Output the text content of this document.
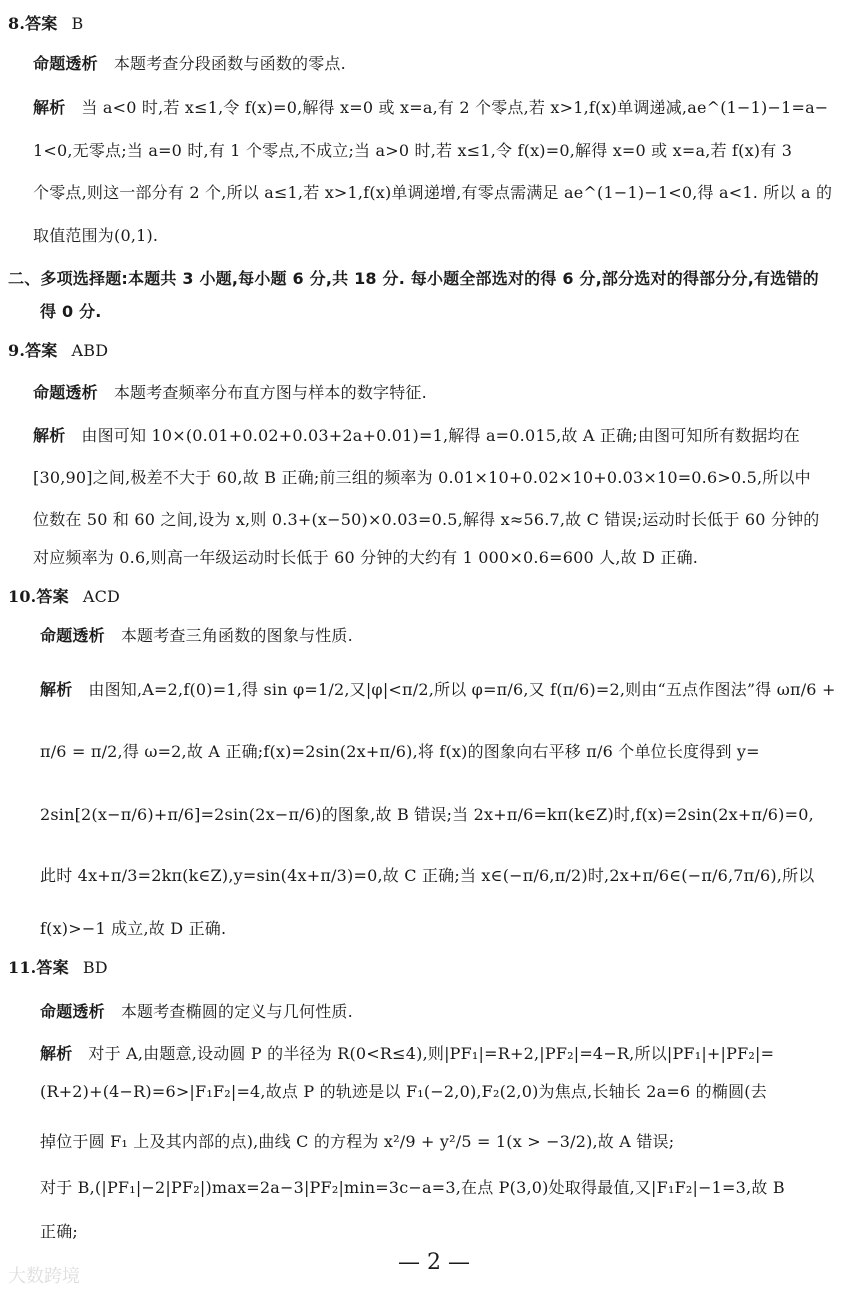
8.答案 B
命题透析 本题考查分段函数与函数的零点.
解析 当 a<0 时,若 x≤1,令 f(x)=0,解得 x=0 或 x=a,有 2 个零点,若 x>1,f(x)单调递减,ae^(1−1)−1=a−
1<0,无零点;当 a=0 时,有 1 个零点,不成立;当 a>0 时,若 x≤1,令 f(x)=0,解得 x=0 或 x=a,若 f(x)有 3
个零点,则这一部分有 2 个,所以 a≤1,若 x>1,f(x)单调递增,有零点需满足 ae^(1−1)−1<0,得 a<1. 所以 a 的
取值范围为(0,1).
二、多项选择题:本题共 3 小题,每小题 6 分,共 18 分. 每小题全部选对的得 6 分,部分选对的得部分分,有选错的
得 0 分.
9.答案 ABD
命题透析 本题考查频率分布直方图与样本的数字特征.
解析 由图可知 10×(0.01+0.02+0.03+2a+0.01)=1,解得 a=0.015,故 A 正确;由图可知所有数据均在
[30,90]之间,极差不大于 60,故 B 正确;前三组的频率为 0.01×10+0.02×10+0.03×10=0.6>0.5,所以中
位数在 50 和 60 之间,设为 x,则 0.3+(x−50)×0.03=0.5,解得 x≈56.7,故 C 错误;运动时长低于 60 分钟的
对应频率为 0.6,则高一年级运动时长低于 60 分钟的大约有 1 000×0.6=600 人,故 D 正确.
10.答案 ACD
命题透析 本题考查三角函数的图象与性质.
解析 由图知,A=2,f(0)=1,得 sin φ=1/2,又|φ|<π/2,所以 φ=π/6,又 f(π/6)=2,则由“五点作图法”得 ωπ/6 +
π/6 = π/2,得 ω=2,故 A 正确;f(x)=2sin(2x+π/6),将 f(x)的图象向右平移 π/6 个单位长度得到 y=
2sin[2(x−π/6)+π/6]=2sin(2x−π/6)的图象,故 B 错误;当 2x+π/6=kπ(k∈Z)时,f(x)=2sin(2x+π/6)=0,
此时 4x+π/3=2kπ(k∈Z),y=sin(4x+π/3)=0,故 C 正确;当 x∈(−π/6,π/2)时,2x+π/6∈(−π/6,7π/6),所以
f(x)>−1 成立,故 D 正确.
11.答案 BD
命题透析 本题考查椭圆的定义与几何性质.
解析 对于 A,由题意,设动圆 P 的半径为 R(0<R≤4),则|PF₁|=R+2,|PF₂|=4−R,所以|PF₁|+|PF₂|=
(R+2)+(4−R)=6>|F₁F₂|=4,故点 P 的轨迹是以 F₁(−2,0),F₂(2,0)为焦点,长轴长 2a=6 的椭圆(去
掉位于圆 F₁ 上及其内部的点),曲线 C 的方程为 x²/9 + y²/5 = 1(x > −3/2),故 A 错误;
对于 B,(|PF₁|−2|PF₂|)max=2a−3|PF₂|min=3c−a=3,在点 P(3,0)处取得最值,又|F₁F₂|−1=3,故 B
正确;
— 2 —
大数跨境
